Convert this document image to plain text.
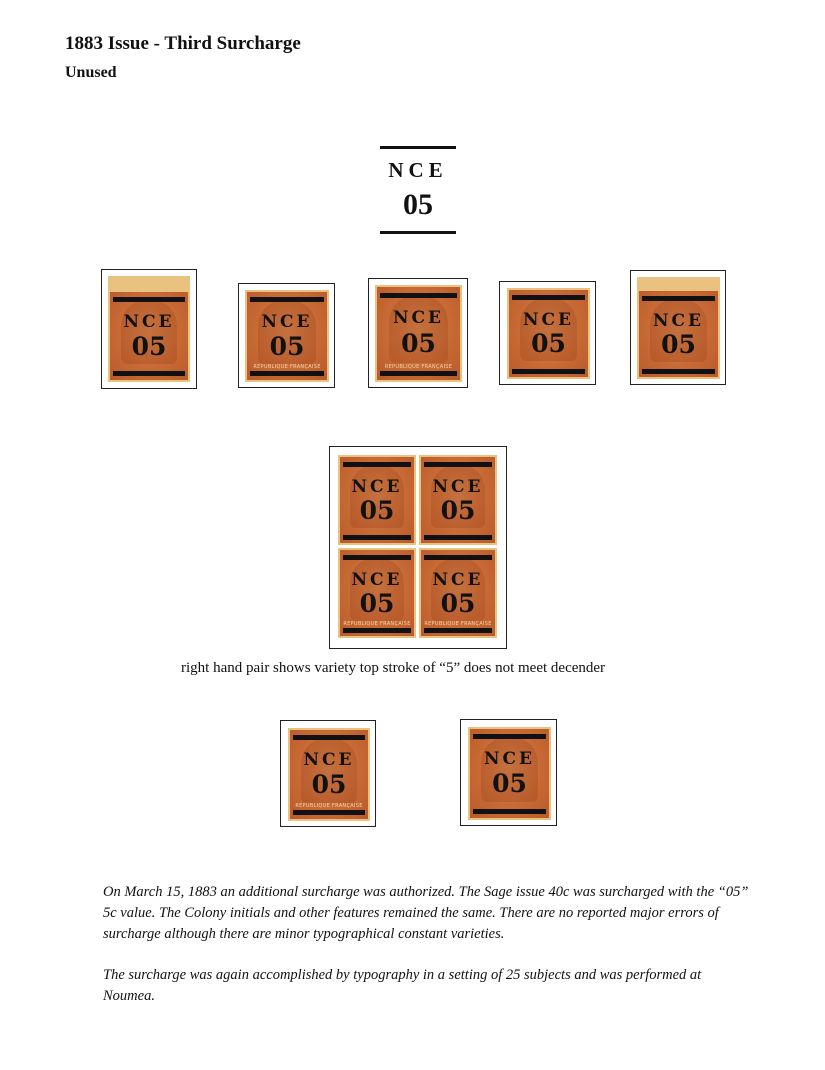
1883 Issue - Third Surcharge
Unused
NCE
05
NCE
05
NCE
05
REPUBLIQUE FRANÇAISE
NCE
05
REPUBLIQUE FRANÇAISE
NCE
05
NCE
05
NCE
05
NCE
05
NCE
05
REPUBLIQUE FRANÇAISE
NCE
05
REPUBLIQUE FRANÇAISE
right hand pair shows variety top stroke of “5” does not meet decender
NCE
05
REPUBLIQUE FRANÇAISE
NCE
05

On March 15, 1883 an additional surcharge was authorized. The Sage issue 40c was surcharged with the “05” 5c value. The Colony initials and other features remained the same. There are no reported major errors of surcharge although there are minor typographical constant varieties.

The surcharge was again accomplished by typography in a setting of 25 subjects and was performed at Noumea.
